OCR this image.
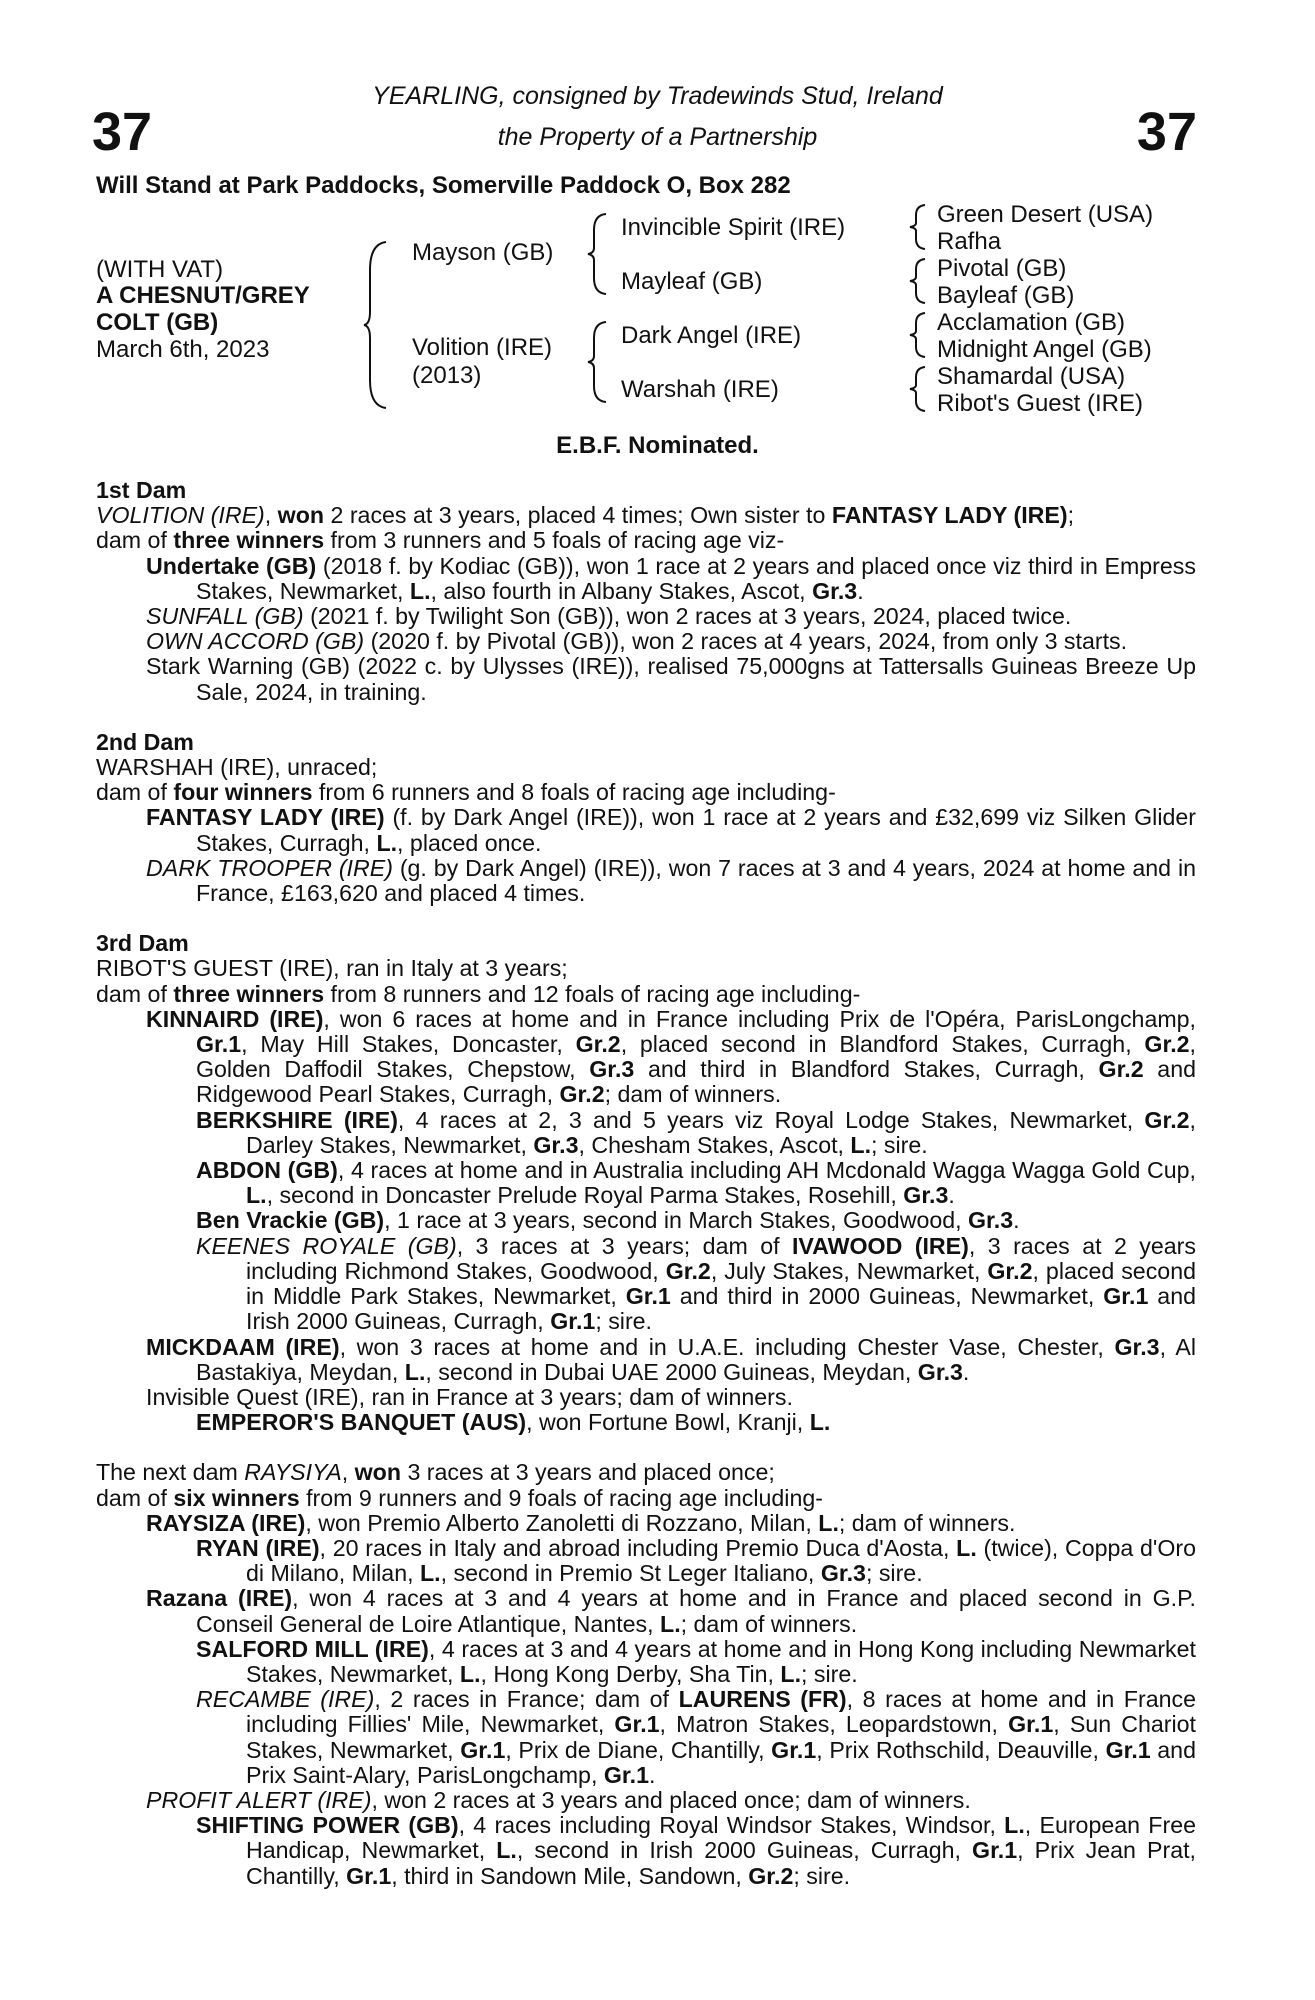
37	37
YEARLING, consigned by Tradewinds Stud, Ireland
the Property of a Partnership
Will Stand at Park Paddocks, Somerville Paddock O, Box 282
(WITH VAT)
A CHESNUT/GREY
COLT (GB)
March 6th, 2023
Mayson (GB)
Volition (IRE)
(2013)
Invincible Spirit (IRE)
Mayleaf (GB)
Dark Angel (IRE)
Warshah (IRE)
Green Desert (USA)
Rafha
Pivotal (GB)
Bayleaf (GB)
Acclamation (GB)
Midnight Angel (GB)
Shamardal (USA)
Ribot's Guest (IRE)
E.B.F. Nominated.

1st Dam

VOLITION (IRE), won 2 races at 3 years, placed 4 times; Own sister to FANTASY LADY (IRE);

dam of three winners from 3 runners and 5 foals of racing age viz-

Undertake (GB) (2018 f. by Kodiac (GB)), won 1 race at 2 years and placed once viz third in Empress Stakes, Newmarket, L., also fourth in Albany Stakes, Ascot, Gr.3.

SUNFALL (GB) (2021 f. by Twilight Son (GB)), won 2 races at 3 years, 2024, placed twice.

OWN ACCORD (GB) (2020 f. by Pivotal (GB)), won 2 races at 4 years, 2024, from only 3 starts.

Stark Warning (GB) (2022 c. by Ulysses (IRE)), realised 75,000gns at Tattersalls Guineas Breeze Up Sale, 2024, in training.

2nd Dam

WARSHAH (IRE), unraced;

dam of four winners from 6 runners and 8 foals of racing age including-

FANTASY LADY (IRE) (f. by Dark Angel (IRE)), won 1 race at 2 years and £32,699 viz Silken Glider Stakes, Curragh, L., placed once.

DARK TROOPER (IRE) (g. by Dark Angel) (IRE)), won 7 races at 3 and 4 years, 2024 at home and in France, £163,620 and placed 4 times.

3rd Dam

RIBOT'S GUEST (IRE), ran in Italy at 3 years;

dam of three winners from 8 runners and 12 foals of racing age including-

KINNAIRD (IRE), won 6 races at home and in France including Prix de l'Opéra, ParisLongchamp, Gr.1, May Hill Stakes, Doncaster, Gr.2, placed second in Blandford Stakes, Curragh, Gr.2, Golden Daffodil Stakes, Chepstow, Gr.3 and third in Blandford Stakes, Curragh, Gr.2 and Ridgewood Pearl Stakes, Curragh, Gr.2; dam of winners.

BERKSHIRE (IRE), 4 races at 2, 3 and 5 years viz Royal Lodge Stakes, Newmarket, Gr.2, Darley Stakes, Newmarket, Gr.3, Chesham Stakes, Ascot, L.; sire.

ABDON (GB), 4 races at home and in Australia including AH Mcdonald Wagga Wagga Gold Cup, L., second in Doncaster Prelude Royal Parma Stakes, Rosehill, Gr.3.

Ben Vrackie (GB), 1 race at 3 years, second in March Stakes, Goodwood, Gr.3.

KEENES ROYALE (GB), 3 races at 3 years; dam of IVAWOOD (IRE), 3 races at 2 years including Richmond Stakes, Goodwood, Gr.2, July Stakes, Newmarket, Gr.2, placed second in Middle Park Stakes, Newmarket, Gr.1 and third in 2000 Guineas, Newmarket, Gr.1 and Irish 2000 Guineas, Curragh, Gr.1; sire.

MICKDAAM (IRE), won 3 races at home and in U.A.E. including Chester Vase, Chester, Gr.3, Al Bastakiya, Meydan, L., second in Dubai UAE 2000 Guineas, Meydan, Gr.3.

Invisible Quest (IRE), ran in France at 3 years; dam of winners.

EMPEROR'S BANQUET (AUS), won Fortune Bowl, Kranji, L.

The next dam RAYSIYA, won 3 races at 3 years and placed once;

dam of six winners from 9 runners and 9 foals of racing age including-

RAYSIZA (IRE), won Premio Alberto Zanoletti di Rozzano, Milan, L.; dam of winners.

RYAN (IRE), 20 races in Italy and abroad including Premio Duca d'Aosta, L. (twice), Coppa d'Oro di Milano, Milan, L., second in Premio St Leger Italiano, Gr.3; sire.

Razana (IRE), won 4 races at 3 and 4 years at home and in France and placed second in G.P. Conseil General de Loire Atlantique, Nantes, L.; dam of winners.

SALFORD MILL (IRE), 4 races at 3 and 4 years at home and in Hong Kong including Newmarket Stakes, Newmarket, L., Hong Kong Derby, Sha Tin, L.; sire.

RECAMBE (IRE), 2 races in France; dam of LAURENS (FR), 8 races at home and in France including Fillies' Mile, Newmarket, Gr.1, Matron Stakes, Leopardstown, Gr.1, Sun Chariot Stakes, Newmarket, Gr.1, Prix de Diane, Chantilly, Gr.1, Prix Rothschild, Deauville, Gr.1 and Prix Saint-Alary, ParisLongchamp, Gr.1.

PROFIT ALERT (IRE), won 2 races at 3 years and placed once; dam of winners.

SHIFTING POWER (GB), 4 races including Royal Windsor Stakes, Windsor, L., European Free Handicap, Newmarket, L., second in Irish 2000 Guineas, Curragh, Gr.1, Prix Jean Prat, Chantilly, Gr.1, third in Sandown Mile, Sandown, Gr.2; sire.
